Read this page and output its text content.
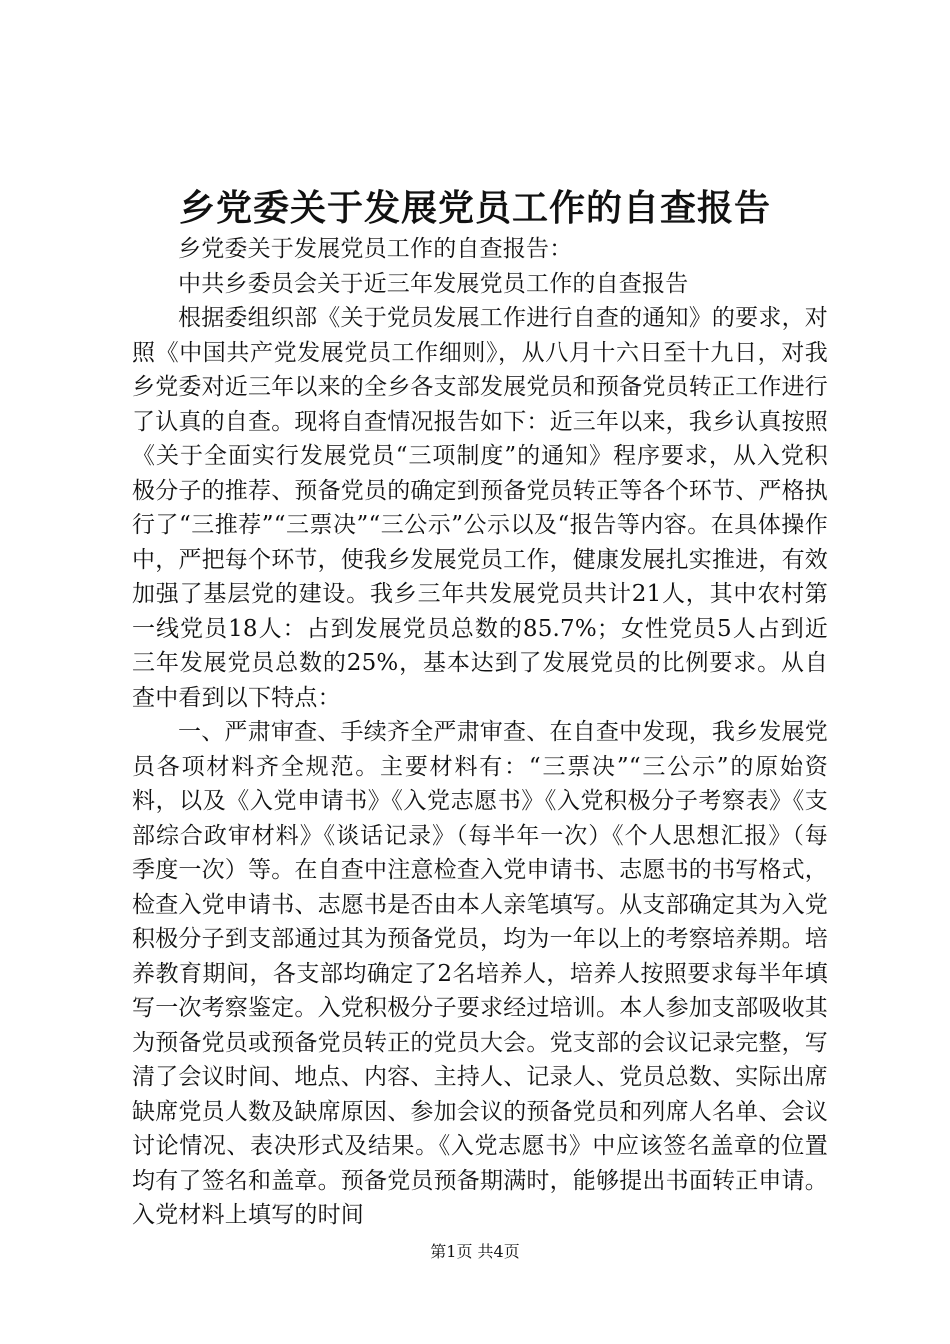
乡党委关于发展党员工作的自查报告

乡党委关于发展党员工作的自查报告：

中共乡委员会关于近三年发展党员工作的自查报告

根据委组织部《关于党员发展工作进行自查的通知》的要求，对照《中国共产党发展党员工作细则》，从八月十六日至十九日，对我乡党委对近三年以来的全乡各支部发展党员和预备党员转正工作进行了认真的自查。现将自查情况报告如下：近三年以来，我乡认真按照《关于全面实行发展党员“三项制度”的通知》程序要求，从入党积极分子的推荐、预备党员的确定到预备党员转正等各个环节、严格执行了“三推荐”“三票决”“三公示”公示以及“报告等内容。在具体操作中，严把每个环节，使我乡发展党员工作，健康发展扎实推进，有效加强了基层党的建设。我乡三年共发展党员共计21人，其中农村第一线党员18人：占到发展党员总数的85.7%；女性党员5人占到近三年发展党员总数的25%，基本达到了发展党员的比例要求。从自查中看到以下特点：

一、严肃审查、手续齐全严肃审查、在自查中发现，我乡发展党员各项材料齐全规范。主要材料有：“三票决”“三公示”的原始资料，以及《入党申请书》《入党志愿书》《入党积极分子考察表》《支部综合政审材料》《谈话记录》（每半年一次）《个人思想汇报》（每季度一次）等。在自查中注意检查入党申请书、志愿书的书写格式，检查入党申请书、志愿书是否由本人亲笔填写。从支部确定其为入党积极分子到支部通过其为预备党员，均为一年以上的考察培养期。培养教育期间，各支部均确定了2名培养人，培养人按照要求每半年填写一次考察鉴定。入党积极分子要求经过培训。本人参加支部吸收其为预备党员或预备党员转正的党员大会。党支部的会议记录完整，写清了会议时间、地点、内容、主持人、记录人、党员总数、实际出席缺席党员人数及缺席原因、参加会议的预备党员和列席人名单、会议讨论情况、表决形式及结果。《入党志愿书》中应该签名盖章的位置均有了签名和盖章。预备党员预备期满时，能够提出书面转正申请。入党材料上填写的时间

第1页 共4页
